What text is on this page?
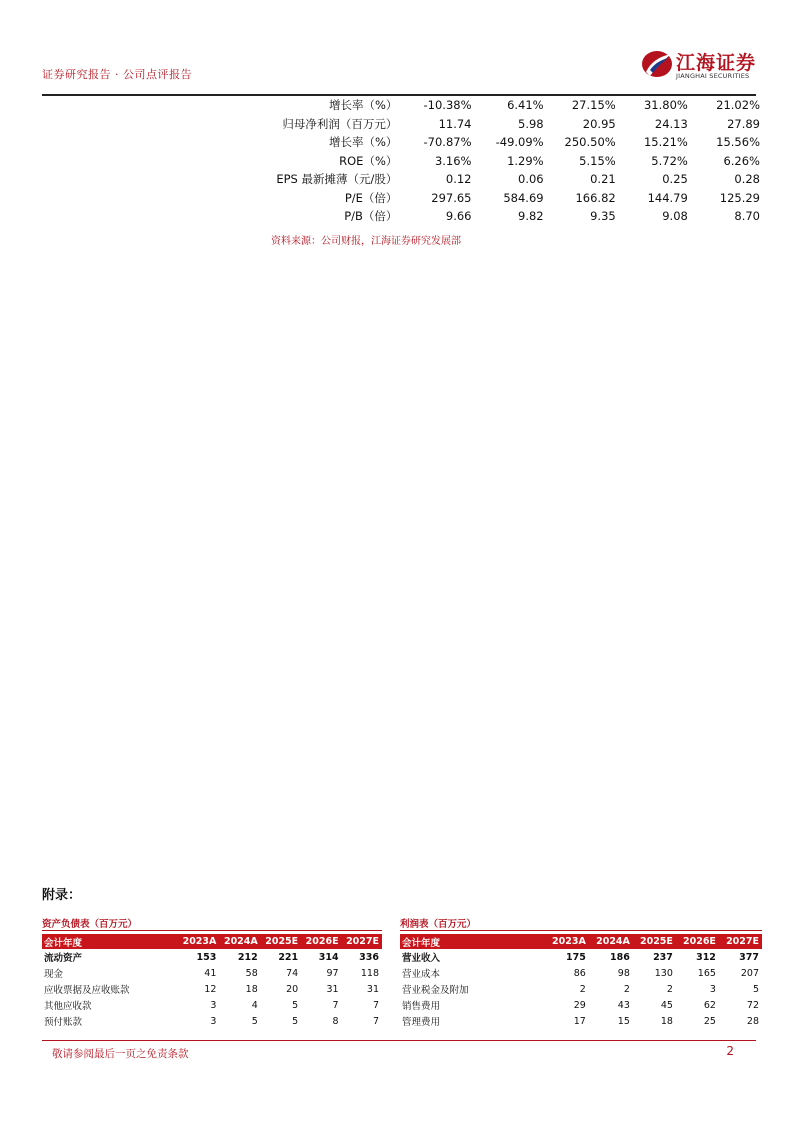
证券研究报告 · 公司点评报告
江海证券
JIANGHAI SECURITIES
增长率（%）	-10.38%	6.41%	27.15%	31.80%	21.02%
归母净利润（百万元）	11.74	5.98	20.95	24.13	27.89
增长率（%）	-70.87%	-49.09%	250.50%	15.21%	15.56%
ROE（%）	3.16%	1.29%	5.15%	5.72%	6.26%
EPS 最新摊薄（元/股）	0.12	0.06	0.21	0.25	0.28
P/E（倍）	297.65	584.69	166.82	144.79	125.29
P/B（倍）	9.66	9.82	9.35	9.08	8.70
资料来源：公司财报，江海证券研究发展部
附录：
资产负债表（百万元）
会计年度	2023A	2024A	2025E	2026E	2027E
流动资产	153	212	221	314	336
现金	41	58	74	97	118
应收票据及应收账款	12	18	20	31	31
其他应收款	3	4	5	7	7
预付账款	3	5	5	8	7
利润表（百万元）
会计年度	2023A	2024A	2025E	2026E	2027E
营业收入	175	186	237	312	377
营业成本	86	98	130	165	207
营业税金及附加	2	2	2	3	5
销售费用	29	43	45	62	72
管理费用	17	15	18	25	28
敬请参阅最后一页之免责条款	2
